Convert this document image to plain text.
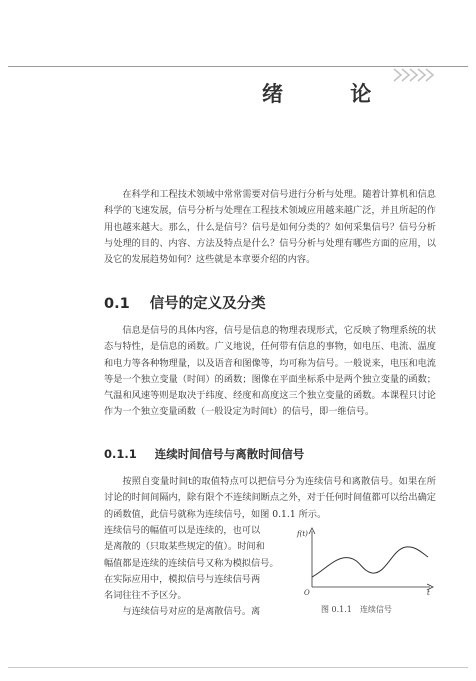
绪 论
在科学和工程技术领域中常常需要对信号进行分析与处理。随着计算机和信息科学的飞速发展，信号分析与处理在工程技术领域应用越来越广泛，并且所起的作用也越来越大。那么，什么是信号？信号是如何分类的？如何采集信号？信号分析与处理的目的、内容、方法及特点是什么？信号分析与处理有哪些方面的应用，以及它的发展趋势如何？这些就是本章要介绍的内容。
0.1 信号的定义及分类
信息是信号的具体内容，信号是信息的物理表现形式，它反映了物理系统的状态与特性，是信息的函数。广义地说，任何带有信息的事物，如电压、电流、温度和电力等各种物理量，以及语音和图像等，均可称为信号。一般说来，电压和电流等是一个独立变量（时间）的函数；图像在平面坐标系中是两个独立变量的函数；气温和风速等则是取决于纬度、经度和高度这三个独立变量的函数。本课程只讨论作为一个独立变量函数（一般设定为时间t）的信号，即一维信号。
0.1.1 连续时间信号与离散时间信号
按照自变量时间t的取值特点可以把信号分为连续信号和离散信号。如果在所讨论的时间间隔内，除有限个不连续间断点之外，对于任何时间值都可以给出确定的函数值，此信号就称为连续信号，如图 0.1.1 所示。
连续信号的幅值可以是连续的，也可以
是离散的（只取某些规定的值）。时间和
幅值都是连续的连续信号又称为模拟信号。
在实际应用中，模拟信号与连续信号两
名词往往不予区分。
与连续信号对应的是离散信号。离
f(t)
t
O
图 0.1.1　连续信号
